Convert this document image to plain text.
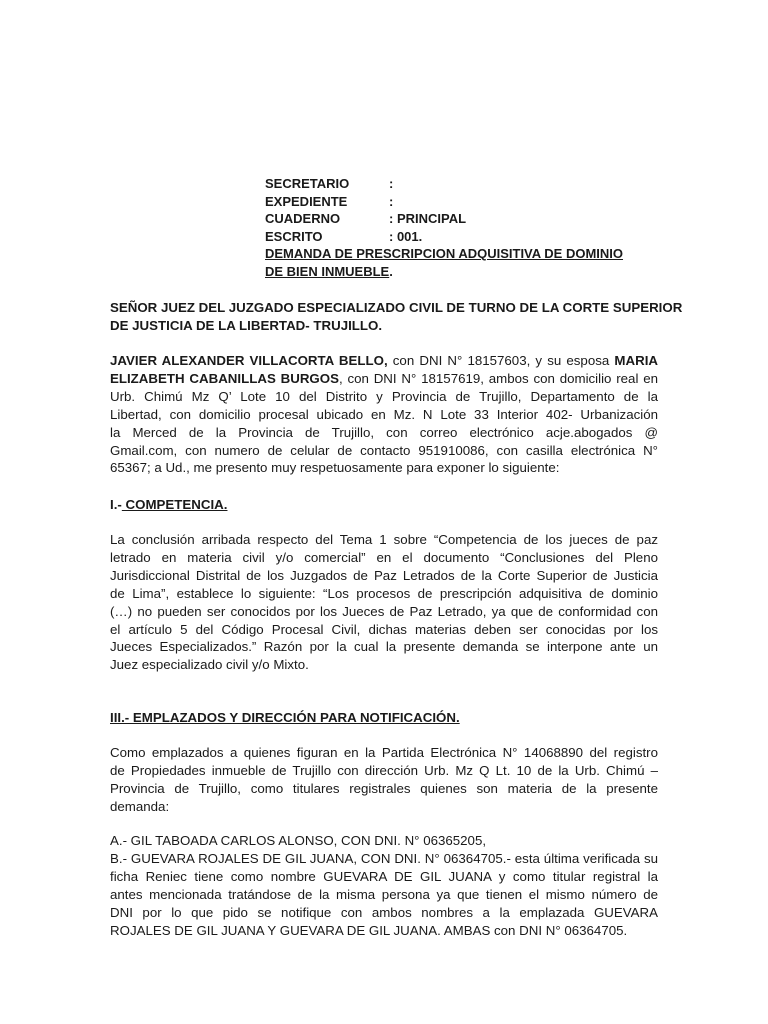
SECRETARIO	:
EXPEDIENTE	:
CUADERNO	: PRINCIPAL
ESCRITO	: 001.
DEMANDA DE PRESCRIPCION ADQUISITIVA DE DOMINIO
DE BIEN INMUEBLE .
SEÑOR JUEZ DEL JUZGADO ESPECIALIZADO CIVIL DE TURNO DE LA CORTE SUPERIOR
DE JUSTICIA DE LA LIBERTAD- TRUJILLO.
JAVIER ALEXANDER VILLACORTA BELLO, con DNI N° 18157603, y su esposa MARIA
ELIZABETH CABANILLAS BURGOS, con DNI N° 18157619, ambos con domicilio real en
Urb. Chimú Mz Q’ Lote 10 del Distrito y Provincia de Trujillo, Departamento de la
Libertad, con domicilio procesal ubicado en Mz. N Lote 33 Interior 402- Urbanización
la Merced de la Provincia de Trujillo, con correo electrónico acje.abogados @
Gmail.com, con numero de celular de contacto 951910086, con casilla electrónica N°
65367; a Ud., me presento muy respetuosamente para exponer lo siguiente:
I.- COMPETENCIA.
La conclusión arribada respecto del Tema 1 sobre “Competencia de los jueces de paz
letrado en materia civil y/o comercial” en el documento “Conclusiones del Pleno
Jurisdiccional Distrital de los Juzgados de Paz Letrados de la Corte Superior de Justicia
de Lima”, establece lo siguiente: “Los procesos de prescripción adquisitiva de dominio
(…) no pueden ser conocidos por los Jueces de Paz Letrado, ya que de conformidad con
el artículo 5 del Código Procesal Civil, dichas materias deben ser conocidas por los
Jueces Especializados.” Razón por la cual la presente demanda se interpone ante un
Juez especializado civil y/o Mixto.
III.- EMPLAZADOS Y DIRECCIÓN PARA NOTIFICACIÓN.
Como emplazados a quienes figuran en la Partida Electrónica N° 14068890 del registro
de Propiedades inmueble de Trujillo con dirección Urb. Mz Q Lt. 10 de la Urb. Chimú –
Provincia de Trujillo, como titulares registrales quienes son materia de la presente
demanda:
A.- GIL TABOADA CARLOS ALONSO, CON DNI. N° 06365205,
B.- GUEVARA ROJALES DE GIL JUANA, CON DNI. N° 06364705.- esta última verificada su
ficha Reniec tiene como nombre GUEVARA DE GIL JUANA y como titular registral la
antes mencionada tratándose de la misma persona ya que tienen el mismo número de
DNI por lo que pido se notifique con ambos nombres a la emplazada GUEVARA
ROJALES DE GIL JUANA Y GUEVARA DE GIL JUANA. AMBAS con DNI N° 06364705.
